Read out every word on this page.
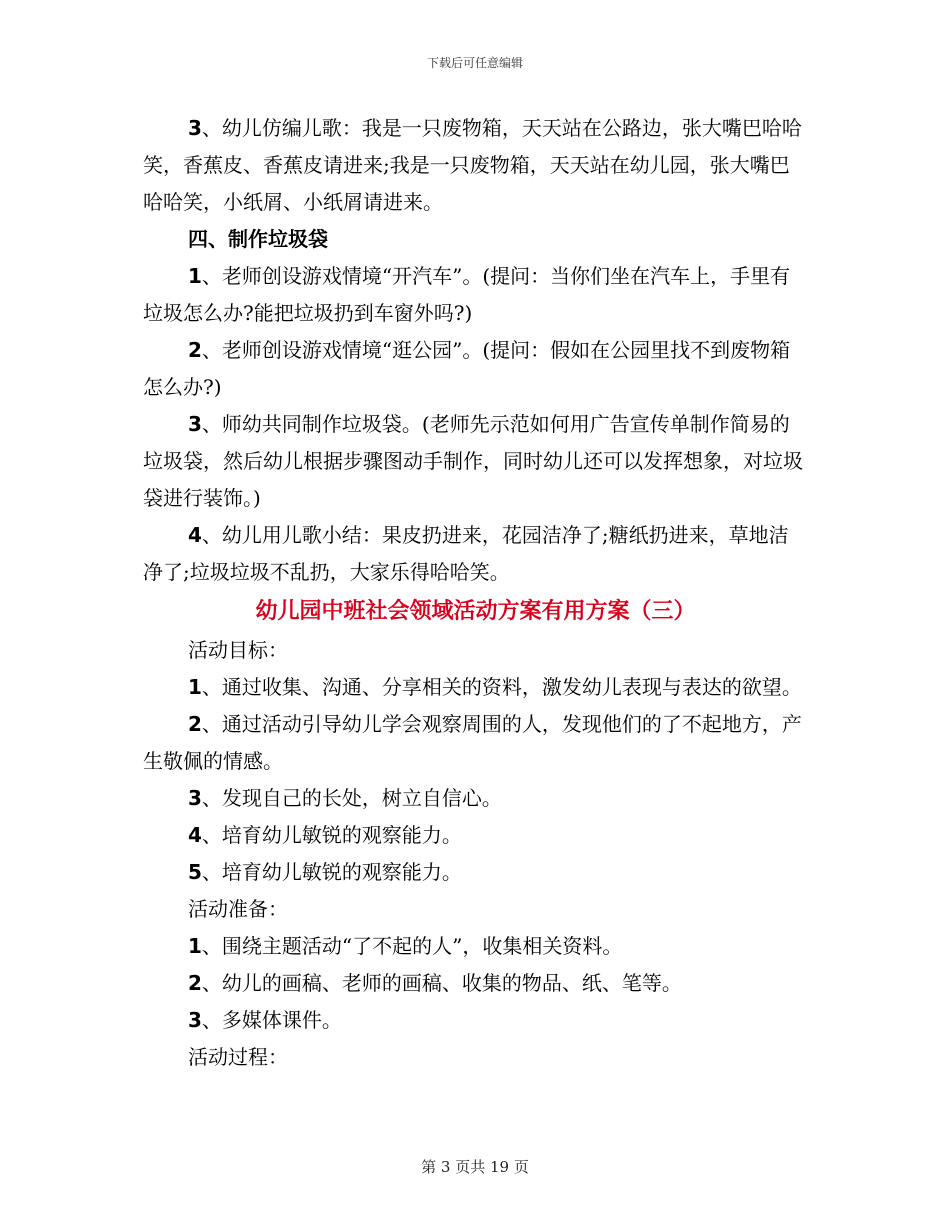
下载后可任意编辑

3、幼儿仿编儿歌：我是一只废物箱，天天站在公路边，张大嘴巴哈哈笑，香蕉皮、香蕉皮请进来;我是一只废物箱，天天站在幼儿园，张大嘴巴哈哈笑，小纸屑、小纸屑请进来。

四、制作垃圾袋

1、老师创设游戏情境“开汽车”。(提问：当你们坐在汽车上，手里有垃圾怎么办?能把垃圾扔到车窗外吗?)

2、老师创设游戏情境“逛公园”。(提问：假如在公园里找不到废物箱怎么办?)

3、师幼共同制作垃圾袋。(老师先示范如何用广告宣传单制作简易的垃圾袋，然后幼儿根据步骤图动手制作，同时幼儿还可以发挥想象，对垃圾袋进行装饰。)

4、幼儿用儿歌小结：果皮扔进来，花园洁净了;糖纸扔进来，草地洁净了;垃圾垃圾不乱扔，大家乐得哈哈笑。

幼儿园中班社会领域活动方案有用方案（三）

活动目标：

1、通过收集、沟通、分享相关的资料，激发幼儿表现与表达的欲望。

2、通过活动引导幼儿学会观察周围的人，发现他们的了不起地方，产生敬佩的情感。

3、发现自己的长处，树立自信心。

4、培育幼儿敏锐的观察能力。

5、培育幼儿敏锐的观察能力。

活动准备：

1、围绕主题活动“了不起的人”，收集相关资料。

2、幼儿的画稿、老师的画稿、收集的物品、纸、笔等。

3、多媒体课件。

活动过程：

第 3 页共 19 页
